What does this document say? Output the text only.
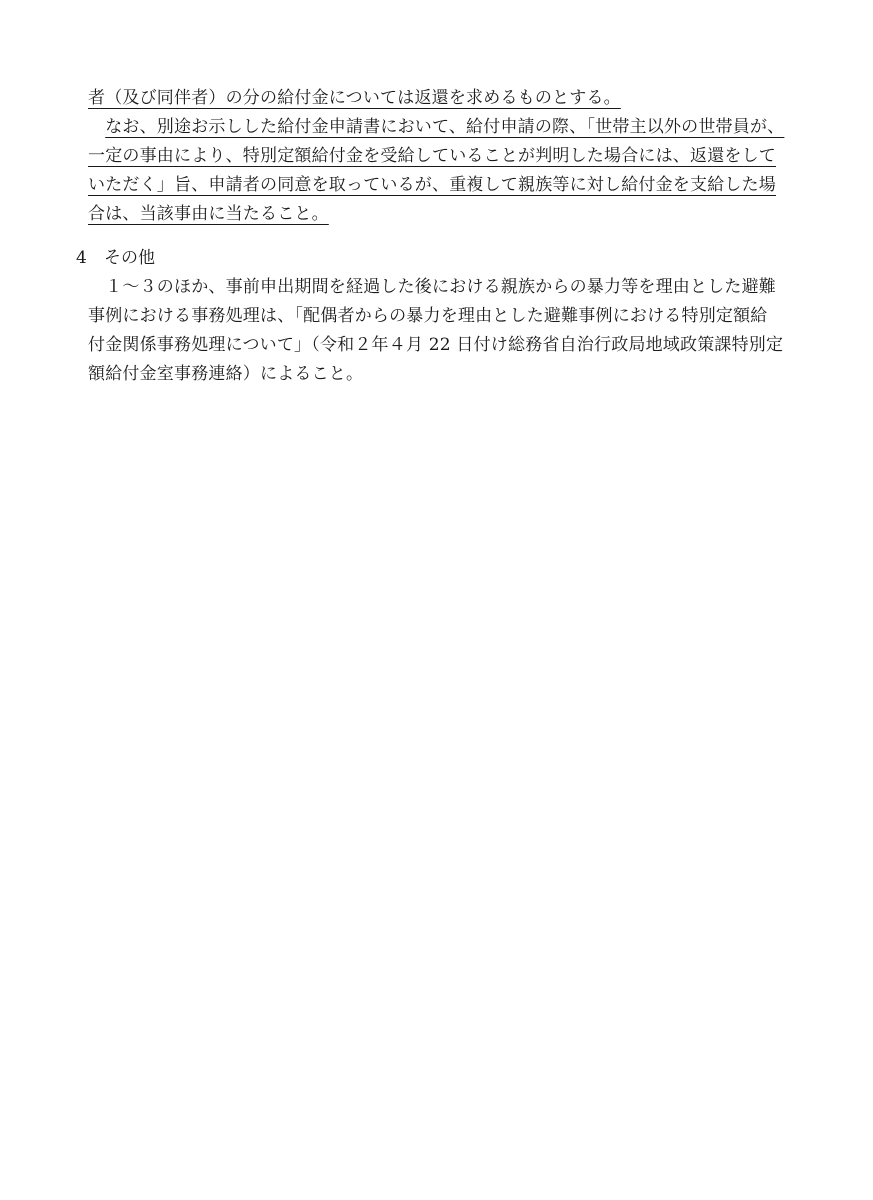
者（及び同伴者）の分の給付金については返還を求めるものとする。
　なお、別途お示しした給付金申請書において、給付申請の際、「世帯主以外の世帯員が、
一定の事由により、特別定額給付金を受給していることが判明した場合には、返還をして
いただく」旨、申請者の同意を取っているが、重複して親族等に対し給付金を支給した場
合は、当該事由に当たること。
4 その他
　１～３のほか、事前申出期間を経過した後における親族からの暴力等を理由とした避難
事例における事務処理は、「配偶者からの暴力を理由とした避難事例における特別定額給
付金関係事務処理について」（令和２年４月 22 日付け総務省自治行政局地域政策課特別定
額給付金室事務連絡）によること。
